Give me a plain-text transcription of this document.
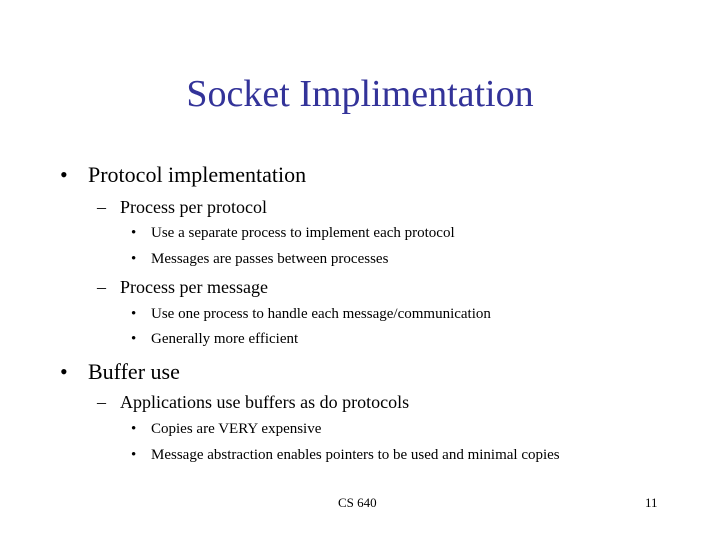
Socket Implimentation
• Protocol implementation
– Process per protocol
• Use a separate process to implement each protocol
• Messages are passes between processes
– Process per message
• Use one process to handle each message/communication
• Generally more efficient
• Buffer use
– Applications use buffers as do protocols
• Copies are VERY expensive
• Message abstraction enables pointers to be used and minimal copies
CS 640	11
